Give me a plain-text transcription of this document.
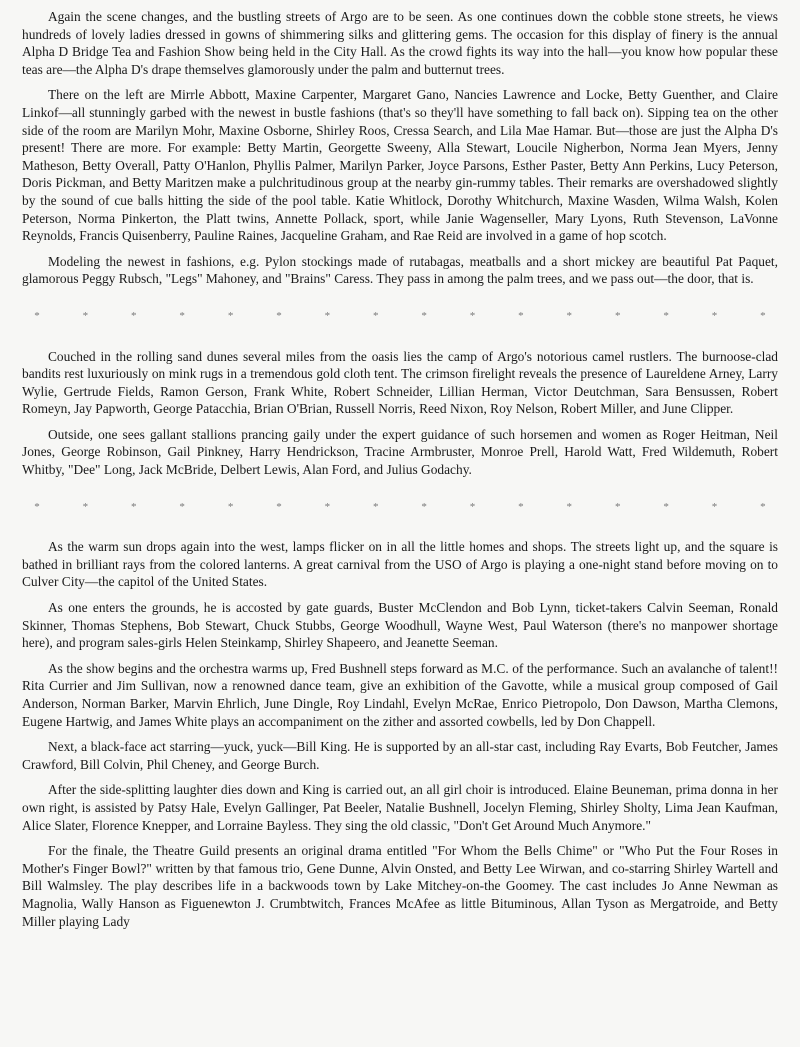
Again the scene changes, and the bustling streets of Argo are to be seen. As one continues down the cobble stone streets, he views hundreds of lovely ladies dressed in gowns of shimmering silks and glittering gems. The occasion for this display of finery is the annual Alpha D Bridge Tea and Fashion Show being held in the City Hall. As the crowd fights its way into the hall—you know how popular these teas are—the Alpha D's drape themselves glamorously under the palm and butternut trees.

There on the left are Mirrle Abbott, Maxine Carpenter, Margaret Gano, Nancies Lawrence and Locke, Betty Guenther, and Claire Linkof—all stunningly garbed with the newest in bustle fashions (that's so they'll have something to fall back on). Sipping tea on the other side of the room are Marilyn Mohr, Maxine Osborne, Shirley Roos, Cressa Search, and Lila Mae Hamar. But—those are just the Alpha D's present! There are more. For example: Betty Martin, Georgette Sweeny, Alla Stewart, Loucile Nigherbon, Norma Jean Myers, Jenny Matheson, Betty Overall, Patty O'Hanlon, Phyllis Palmer, Marilyn Parker, Joyce Parsons, Esther Paster, Betty Ann Perkins, Lucy Peterson, Doris Pickman, and Betty Maritzen make a pulchritudinous group at the nearby gin-rummy tables. Their remarks are overshadowed slightly by the sound of cue balls hitting the side of the pool table. Katie Whitlock, Dorothy Whitchurch, Maxine Wasden, Wilma Walsh, Kolen Peterson, Norma Pinkerton, the Platt twins, Annette Pollack, sport, while Janie Wagenseller, Mary Lyons, Ruth Stevenson, LaVonne Reynolds, Francis Quisenberry, Pauline Raines, Jacqueline Graham, and Rae Reid are involved in a game of hop scotch.

Modeling the newest in fashions, e.g. Pylon stockings made of rutabagas, meatballs and a short mickey are beautiful Pat Paquet, glamorous Peggy Rubsch, "Legs" Mahoney, and "Brains" Caress. They pass in among the palm trees, and we pass out—the door, that is.

*	*	*	*	*	*	*	*	*	*	*	*	*	*	*	*

Couched in the rolling sand dunes several miles from the oasis lies the camp of Argo's notorious camel rustlers. The burnoose-clad bandits rest luxuriously on mink rugs in a tremendous gold cloth tent. The crimson firelight reveals the presence of Laureldene Arney, Larry Wylie, Gertrude Fields, Ramon Gerson, Frank White, Robert Schneider, Lillian Herman, Victor Deutchman, Sara Bensussen, Robert Romeyn, Jay Papworth, George Patacchia, Brian O'Brian, Russell Norris, Reed Nixon, Roy Nelson, Robert Miller, and June Clipper.

Outside, one sees gallant stallions prancing gaily under the expert guidance of such horsemen and women as Roger Heitman, Neil Jones, George Robinson, Gail Pinkney, Harry Hendrickson, Tracine Armbruster, Monroe Prell, Harold Watt, Fred Wildemuth, Robert Whitby, "Dee" Long, Jack McBride, Delbert Lewis, Alan Ford, and Julius Godachy.

*	*	*	*	*	*	*	*	*	*	*	*	*	*	*	*

As the warm sun drops again into the west, lamps flicker on in all the little homes and shops. The streets light up, and the square is bathed in brilliant rays from the colored lanterns. A great carnival from the USO of Argo is playing a one-night stand before moving on to Culver City—the capitol of the United States.

As one enters the grounds, he is accosted by gate guards, Buster McClendon and Bob Lynn, ticket-takers Calvin Seeman, Ronald Skinner, Thomas Stephens, Bob Stewart, Chuck Stubbs, George Woodhull, Wayne West, Paul Waterson (there's no manpower shortage here), and program sales-girls Helen Steinkamp, Shirley Shapeero, and Jeanette Seeman.

As the show begins and the orchestra warms up, Fred Bushnell steps forward as M.C. of the performance. Such an avalanche of talent!! Rita Currier and Jim Sullivan, now a renowned dance team, give an exhibition of the Gavotte, while a musical group composed of Gail Anderson, Norman Barker, Marvin Ehrlich, June Dingle, Roy Lindahl, Evelyn McRae, Enrico Pietropolo, Don Dawson, Martha Clemons, Eugene Hartwig, and James White plays an accompaniment on the zither and assorted cowbells, led by Don Chappell.

Next, a black-face act starring—yuck, yuck—Bill King. He is supported by an all-star cast, including Ray Evarts, Bob Feutcher, James Crawford, Bill Colvin, Phil Cheney, and George Burch.

After the side-splitting laughter dies down and King is carried out, an all girl choir is introduced. Elaine Beuneman, prima donna in her own right, is assisted by Patsy Hale, Evelyn Gallinger, Pat Beeler, Natalie Bushnell, Jocelyn Fleming, Shirley Sholty, Lima Jean Kaufman, Alice Slater, Florence Knepper, and Lorraine Bayless. They sing the old classic, "Don't Get Around Much Anymore."

For the finale, the Theatre Guild presents an original drama entitled "For Whom the Bells Chime" or "Who Put the Four Roses in Mother's Finger Bowl?" written by that famous trio, Gene Dunne, Alvin Onsted, and Betty Lee Wirwan, and co-starring Shirley Wartell and Bill Walmsley. The play describes life in a backwoods town by Lake Mitchey-on-the Goomey. The cast includes Jo Anne Newman as Magnolia, Wally Hanson as Figuenewton J. Crumbtwitch, Frances McAfee as little Bituminous, Allan Tyson as Mergatroide, and Betty Miller playing Lady
